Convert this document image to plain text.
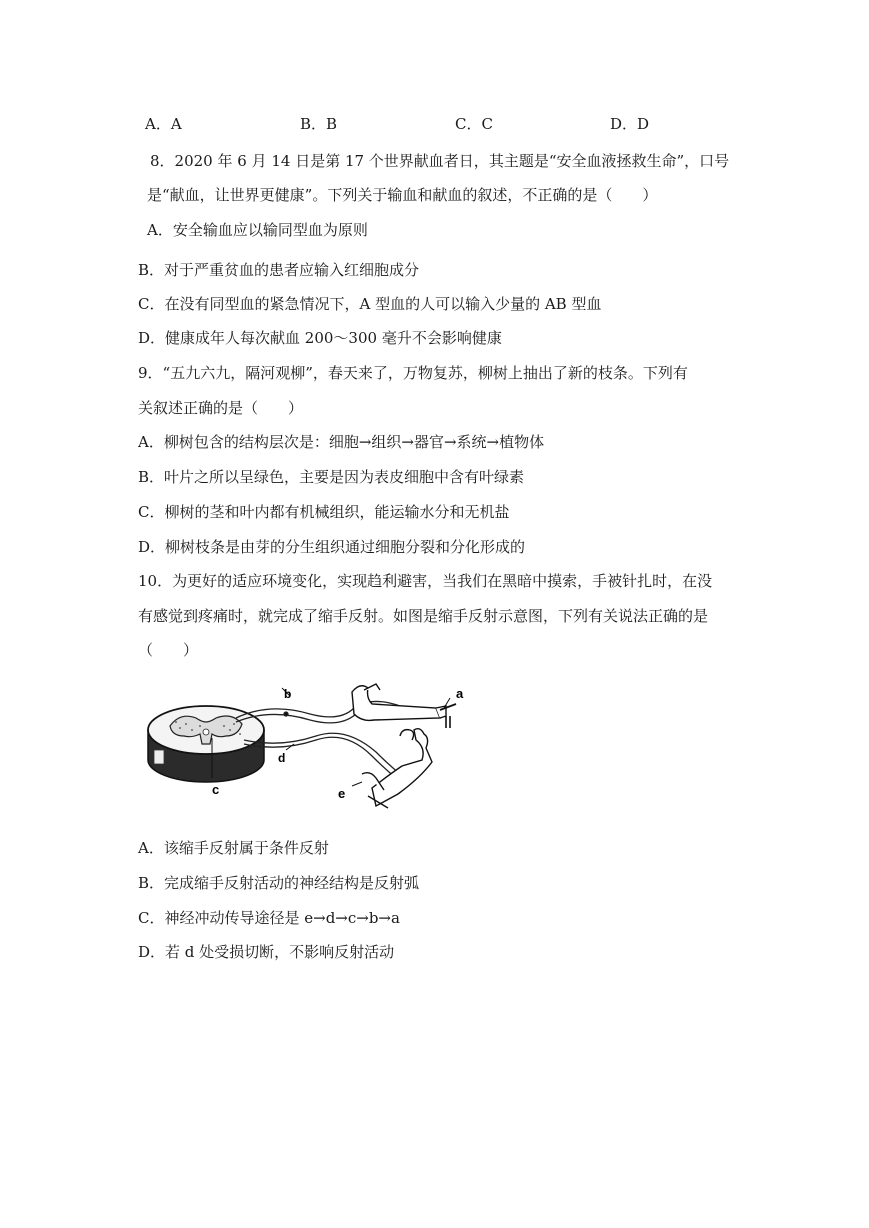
A．A	B．B	C．C	D．D
8．2020 年 6 月 14 日是第 17 个世界献血者日，其主题是“安全血液拯救生命”，口号
是“献血，让世界更健康”。下列关于输血和献血的叙述，不正确的是（　　）
A．安全输血应以输同型血为原则
B．对于严重贫血的患者应输入红细胞成分
C．在没有同型血的紧急情况下，A 型血的人可以输入少量的 AB 型血
D．健康成年人每次献血 200～300 毫升不会影响健康
9．“五九六九，隔河观柳”，春天来了，万物复苏，柳树上抽出了新的枝条。下列有
关叙述正确的是（　　）
A．柳树包含的结构层次是：细胞→组织→器官→系统→植物体
B．叶片之所以呈绿色，主要是因为表皮细胞中含有叶绿素
C．柳树的茎和叶内都有机械组织，能运输水分和无机盐
D．柳树枝条是由芽的分生组织通过细胞分裂和分化形成的
10．为更好的适应环境变化，实现趋利避害，当我们在黑暗中摸索，手被针扎时，在没
有感觉到疼痛时，就完成了缩手反射。如图是缩手反射示意图，下列有关说法正确的是
（　　）
b	a
c
d
e
A．该缩手反射属于条件反射
B．完成缩手反射活动的神经结构是反射弧
C．神经冲动传导途径是 e→d→c→b→a
D．若 d 处受损切断，不影响反射活动
